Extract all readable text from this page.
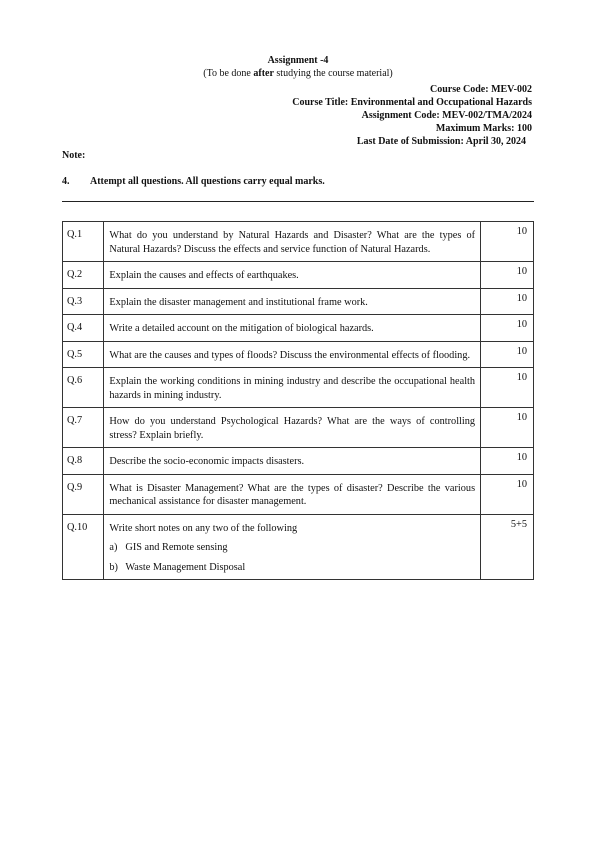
Assignment -4
(To be done after studying the course material)
Course Code: MEV-002
Course Title: Environmental and Occupational Hazards
Assignment Code: MEV-002/TMA/2024
Maximum Marks: 100
Last Date of Submission: April 30, 2024
Note:
4. Attempt all questions. All questions carry equal marks.
Q.1	What do you understand by Natural Hazards and Disaster? What are the types of Natural Hazards? Discuss the effects and service function of Natural Hazards.	10
Q.2	Explain the causes and effects of earthquakes.	10
Q.3	Explain the disaster management and institutional frame work.	10
Q.4	Write a detailed account on the mitigation of biological hazards.	10
Q.5	What are the causes and types of floods? Discuss the environmental effects of flooding.	10
Q.6	Explain the working conditions in mining industry and describe the occupational health hazards in mining industry.	10
Q.7	How do you understand Psychological Hazards? What are the ways of controlling stress? Explain briefly.	10
Q.8	Describe the socio-economic impacts disasters.	10
Q.9	What is Disaster Management? What are the types of disaster? Describe the various mechanical assistance for disaster management.	10
Q.10	Write short notes on any two of the following
a) GIS and Remote sensing
b) Waste Management Disposal	5+5
